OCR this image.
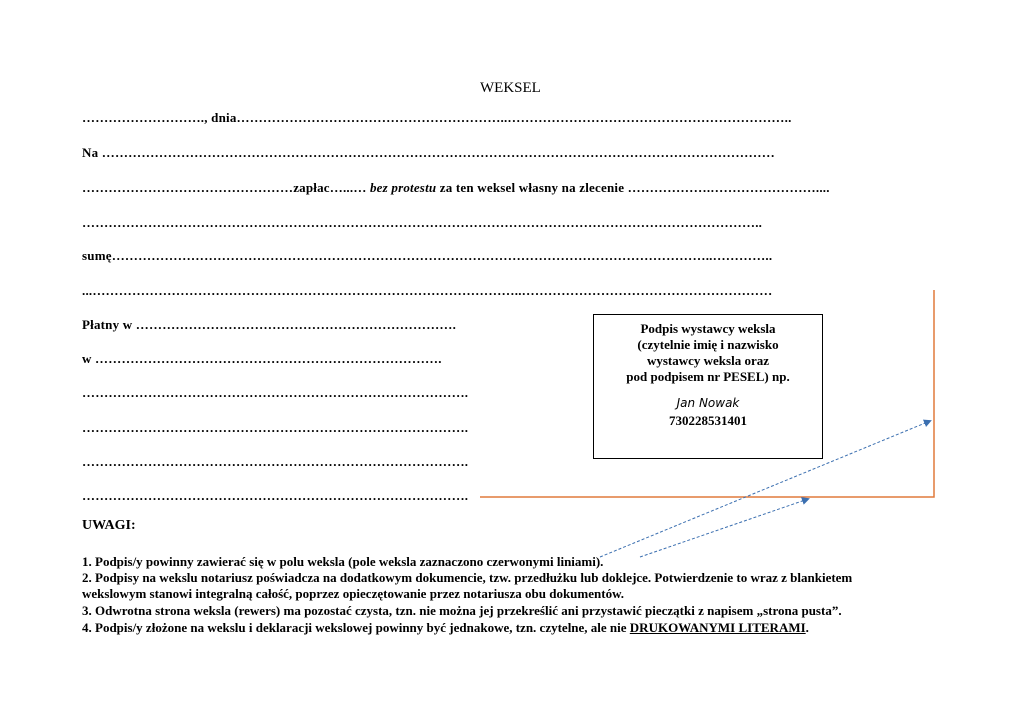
WEKSEL
………………………., dnia……………………………………………………..………………………………………………………..
Na ………………………………………………………………………………………………………………………………………
…………………………………………zapłac…...… bez protestu za ten weksel własny na zlecenie ……………….……………………....
………………………………………………………………………………………………………………………………………..
sumę………………………………………………………………………………………………………………………..…………..
...……………………………………………………………………………………..…………………………………………………
Płatny w ……………………………………………………………….
w …………………………………………………………………….
…………………………………………………………………………….
…………………………………………………………………………….
…………………………………………………………………………….
…………………………………………………………………………….
Podpis wystawcy weksla
(czytelnie imię i nazwisko
wystawcy weksla oraz
pod podpisem nr PESEL) np.
Jan Nowak
730228531401
UWAGI:
1. Podpis/y powinny zawierać się w polu weksla (pole weksla zaznaczono czerwonymi liniami).
2. Podpisy na wekslu notariusz poświadcza na dodatkowym dokumencie, tzw. przedłużku lub doklejce. Potwierdzenie to wraz z blankietem
wekslowym stanowi integralną całość, poprzez opieczętowanie przez notariusza obu dokumentów.
3. Odwrotna strona weksla (rewers) ma pozostać czysta, tzn. nie można jej przekreślić ani przystawić pieczątki z napisem „strona pusta”.
4. Podpis/y złożone na wekslu i deklaracji wekslowej powinny być jednakowe, tzn. czytelne, ale nie DRUKOWANYMI LITERAMI.
